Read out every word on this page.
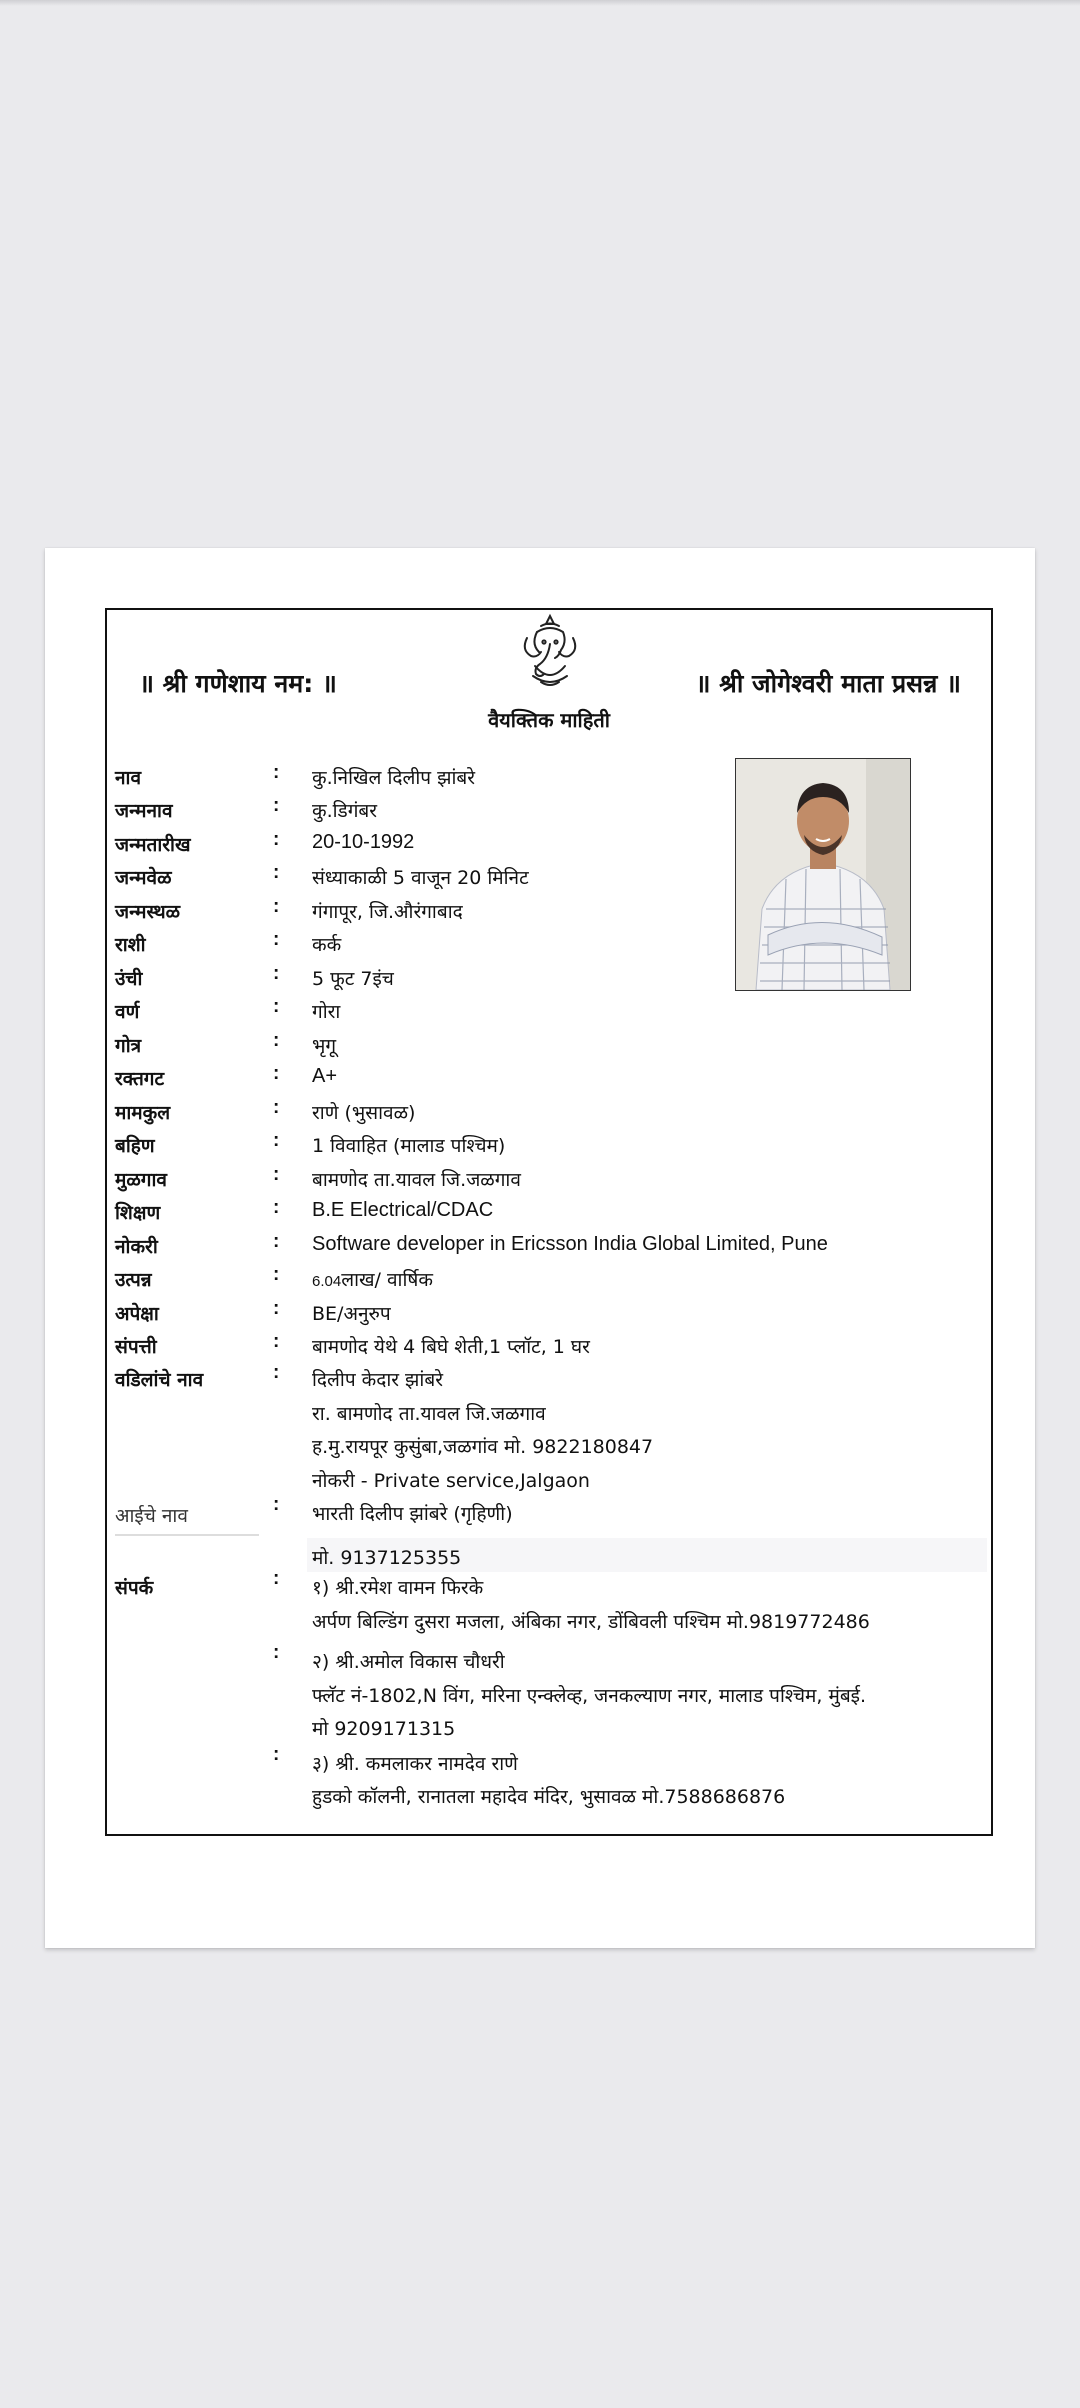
॥ श्री गणेशाय नम: ॥	॥ श्री जोगेश्वरी माता प्रसन्न ॥
वैयक्तिक माहिती
नाव	: कु.निखिल दिलीप झांबरे
जन्मनाव	: कु.डिगंबर
जन्मतारीख	: 20-10-1992
जन्मवेळ	: संध्याकाळी 5 वाजून 20 मिनिट
जन्मस्थळ	: गंगापूर, जि.औरंगाबाद
राशी	: कर्क
उंची	: 5 फूट 7इंच
वर्ण	: गोरा
गोत्र	: भृगू
रक्तगट	: A+
मामकुल	: राणे (भुसावळ)
बहिण	: 1 विवाहित (मालाड पश्चिम)
मुळगाव	: बामणोद ता.यावल जि.जळगाव
शिक्षण	: B.E Electrical/CDAC
नोकरी	: Software developer in Ericsson India Global Limited, Pune
उत्पन्न	: 6.04लाख/ वार्षिक
अपेक्षा	: BE/अनुरुप
संपत्ती	: बामणोद येथे 4 बिघे शेती,1 प्लॉट, 1 घर
वडिलांचे नाव	: दिलीप केदार झांबरे
रा. बामणोद ता.यावल जि.जळगाव
ह.मु.रायपूर कुसुंबा,जळगांव मो. 9822180847
नोकरी - Private service,Jalgaon
आईचे नाव
: भारती दिलीप झांबरे (गृहिणी)
मो. 9137125355
संपर्क	: १) श्री.रमेश वामन फिरके
अर्पण बिल्डिंग दुसरा मजला, अंबिका नगर, डोंबिवली पश्चिम मो.9819772486
: २) श्री.अमोल विकास चौधरी
फ्लॅट नं-1802,N विंग, मरिना एन्क्लेव्ह, जनकल्याण नगर, मालाड पश्चिम, मुंबई.
मो 9209171315
: ३) श्री. कमलाकर नामदेव राणे
हुडको कॉलनी, रानातला महादेव मंदिर, भुसावळ मो.7588686876
